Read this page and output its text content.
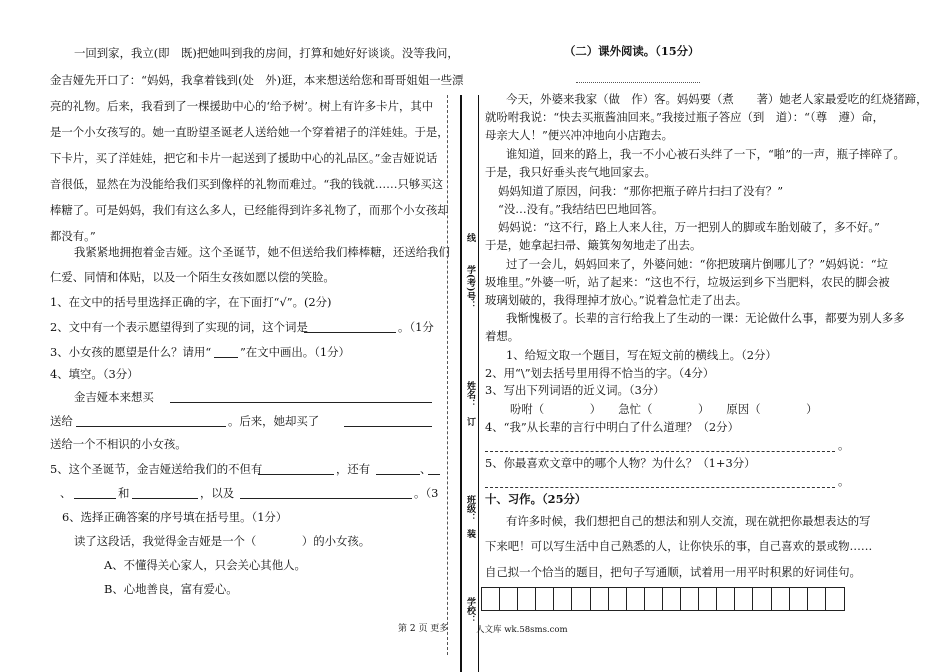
一回到家，我立(即　既)把她叫到我的房间，打算和她好好谈谈。没等我问，
金吉娅先开口了：“妈妈，我拿着钱到(处　外)逛，本来想送给您和哥哥姐姐一些漂
亮的礼物。后来，我看到了一棵援助中心的‘给予树’。树上有许多卡片，其中
是一个小女孩写的。她一直盼望圣诞老人送给她一个穿着裙子的洋娃娃。于是，
下卡片，买了洋娃娃，把它和卡片一起送到了援助中心的礼品区。”金吉娅说话
音很低，显然在为没能给我们买到像样的礼物而难过。“我的钱就……只够买这
棒糖了。可是妈妈，我们有这么多人，已经能得到许多礼物了，而那个小女孩却
都没有。”
我紧紧地拥抱着金吉娅。这个圣诞节，她不但送给我们棒棒糖，还送给我们
仁爱、同情和体贴，以及一个陌生女孩如愿以偿的笑脸。
1、在文中的括号里选择正确的字，在下面打“√”。(2分)
2、文中有一个表示愿望得到了实现的词，这个词是	。（1分
3、小女孩的愿望是什么？请用“	”在文中画出。（1分）
4、填空。（3分）
金吉娅本来想买
送给	。后来，她却买了
送给一个不相识的小女孩。
5、这个圣诞节，金吉娅送给我们的不但有	，还有	、
、	和	，以及	。（3
6、选择正确答案的序号填在括号里。（1分）
读了这段话，我觉得金吉娅是一个（　　　　）的小女孩。
A、不懂得关心家人，只会关心其他人。
B、心地善良，富有爱心。
第 2 页 更多
线
学(考)号：
订
姓名：
班级：
装
学校：
（二）课外阅读。（15分）
今天，外婆来我家（做　作）客。妈妈要（煮　　著）她老人家最爱吃的红烧猪蹄，
就吩咐我说：“快去买瓶酱油回来。”我接过瓶子答应（到　道）：“（尊　遵）命，
母亲大人！”便兴冲冲地向小店跑去。
谁知道，回来的路上，我一不小心被石头绊了一下，“啪”的一声，瓶子摔碎了。
于是，我只好垂头丧气地回家去。
妈妈知道了原因，问我：“那你把瓶子碎片扫扫了没有？”
“没…没有。”我结结巴巴地回答。
妈妈说：“这不行，路上人来人往，万一把别人的脚或车胎划破了，多不好。”
于是，她拿起扫帚、簸箕匆匆地走了出去。
过了一会儿，妈妈回来了，外婆问她：“你把玻璃片倒哪儿了？”妈妈说：“垃
圾堆里。”外婆一听，站了起来：“这也不行，垃圾运到乡下当肥料，农民的脚会被
玻璃划破的，我得理掉才放心。”说着急忙走了出去。
我惭愧极了。长辈的言行给我上了生动的一课：无论做什么事，都要为别人多多
着想。
1、给短文取一个题目，写在短文前的横线上。（2分）
2、用“\”划去括号里用得不恰当的字。（4分）
3、写出下列词语的近义词。（3分）
吩咐（　　　　）　　急忙（　　　　）　　原因（　　　　）
4、“我”从长辈的言行中明白了什么道理？（2分）
。
5、你最喜欢文章中的哪个人物？为什么？（1+3分）
。
十、习作。（25分）
有许多时候，我们想把自己的想法和别人交流，现在就把你最想表达的写
下来吧！可以写生活中自己熟悉的人，让你快乐的事，自己喜欢的景或物……
自己拟一个恰当的题目，把句子写通顺，试着用一用平时积累的好词佳句。
人文库 wk.58sms.com
